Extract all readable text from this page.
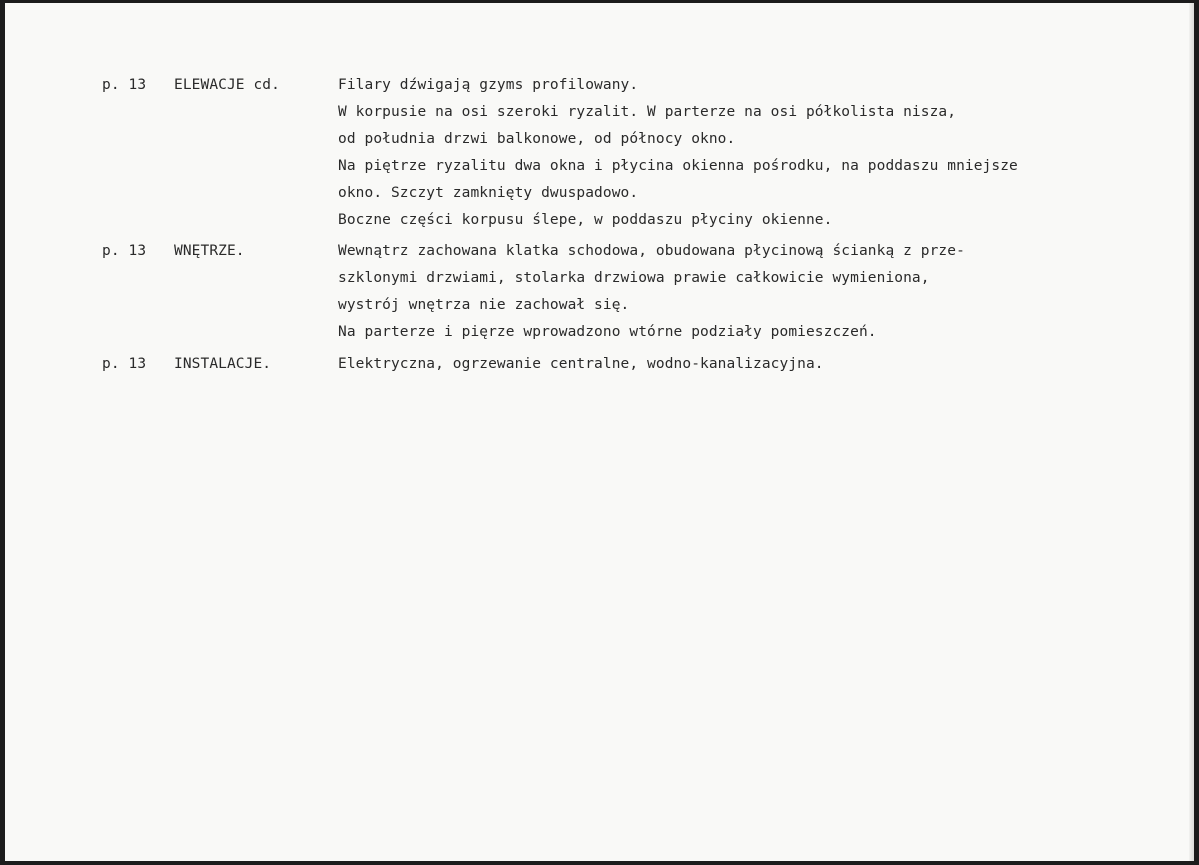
p. 13 ELEWACJE cd.	Filary dźwigają gzyms profilowany.
W korpusie na osi szeroki ryzalit. W parterze na osi półkolista nisza,
od południa drzwi balkonowe, od północy okno.
Na piętrze ryzalitu dwa okna i płycina okienna pośrodku, na poddaszu mniejsze
okno. Szczyt zamknięty dwuspadowo.
Boczne części korpusu ślepe, w poddaszu płyciny okienne.
p. 13 WNĘTRZE.	Wewnątrz zachowana klatka schodowa, obudowana płycinową ścianką z prze-
szklonymi drzwiami, stolarka drzwiowa prawie całkowicie wymieniona,
wystrój wnętrza nie zachował się.
Na parterze i pięrze wprowadzono wtórne podziały pomieszczeń.
p. 13 INSTALACJE.	Elektryczna, ogrzewanie centralne, wodno-kanalizacyjna.
